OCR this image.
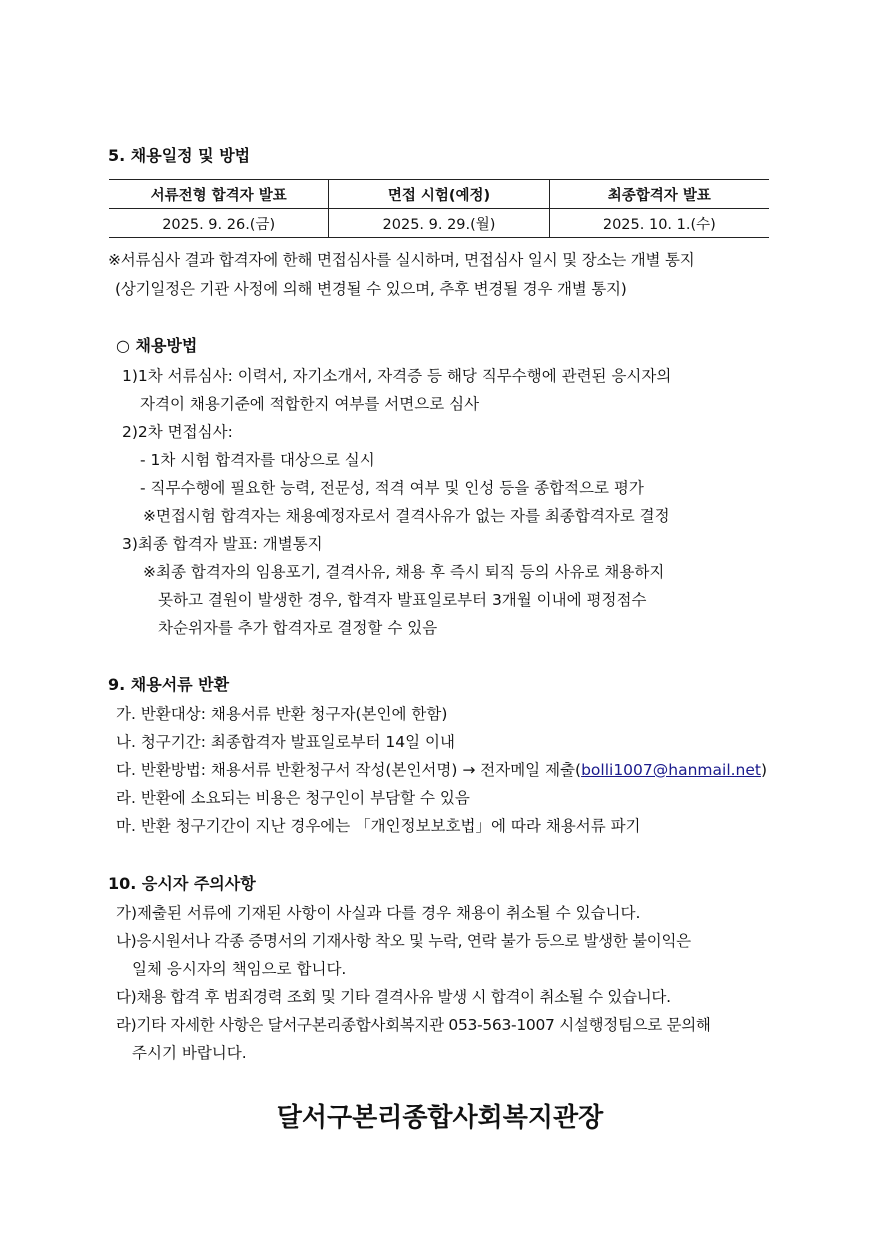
5. 채용일정 및 방법
서류전형 합격자 발표	면접 시험(예정)	최종합격자 발표
2025. 9. 26.(금)	2025. 9. 29.(월)	2025. 10. 1.(수)
※서류심사 결과 합격자에 한해 면접심사를 실시하며, 면접심사 일시 및 장소는 개별 통지
(상기일정은 기관 사정에 의해 변경될 수 있으며, 추후 변경될 경우 개별 통지)
○ 채용방법
1)1차 서류심사: 이력서, 자기소개서, 자격증 등 해당 직무수행에 관련된 응시자의
자격이 채용기준에 적합한지 여부를 서면으로 심사
2)2차 면접심사:
- 1차 시험 합격자를 대상으로 실시
- 직무수행에 필요한 능력, 전문성, 적격 여부 및 인성 등을 종합적으로 평가
※면접시험 합격자는 채용예정자로서 결격사유가 없는 자를 최종합격자로 결정
3)최종 합격자 발표: 개별통지
※최종 합격자의 임용포기, 결격사유, 채용 후 즉시 퇴직 등의 사유로 채용하지
못하고 결원이 발생한 경우, 합격자 발표일로부터 3개월 이내에 평정점수
차순위자를 추가 합격자로 결정할 수 있음
9. 채용서류 반환
가. 반환대상: 채용서류 반환 청구자(본인에 한함)
나. 청구기간: 최종합격자 발표일로부터 14일 이내
다. 반환방법: 채용서류 반환청구서 작성(본인서명) → 전자메일 제출(bolli1007@hanmail.net)
라. 반환에 소요되는 비용은 청구인이 부담할 수 있음
마. 반환 청구기간이 지난 경우에는 「개인정보보호법」에 따라 채용서류 파기
10. 응시자 주의사항
가)제출된 서류에 기재된 사항이 사실과 다를 경우 채용이 취소될 수 있습니다.
나)응시원서나 각종 증명서의 기재사항 착오 및 누락, 연락 불가 등으로 발생한 불이익은
일체 응시자의 책임으로 합니다.
다)채용 합격 후 범죄경력 조회 및 기타 결격사유 발생 시 합격이 취소될 수 있습니다.
라)기타 자세한 사항은 달서구본리종합사회복지관 053-563-1007 시설행정팀으로 문의해
주시기 바랍니다.
달서구본리종합사회복지관장
